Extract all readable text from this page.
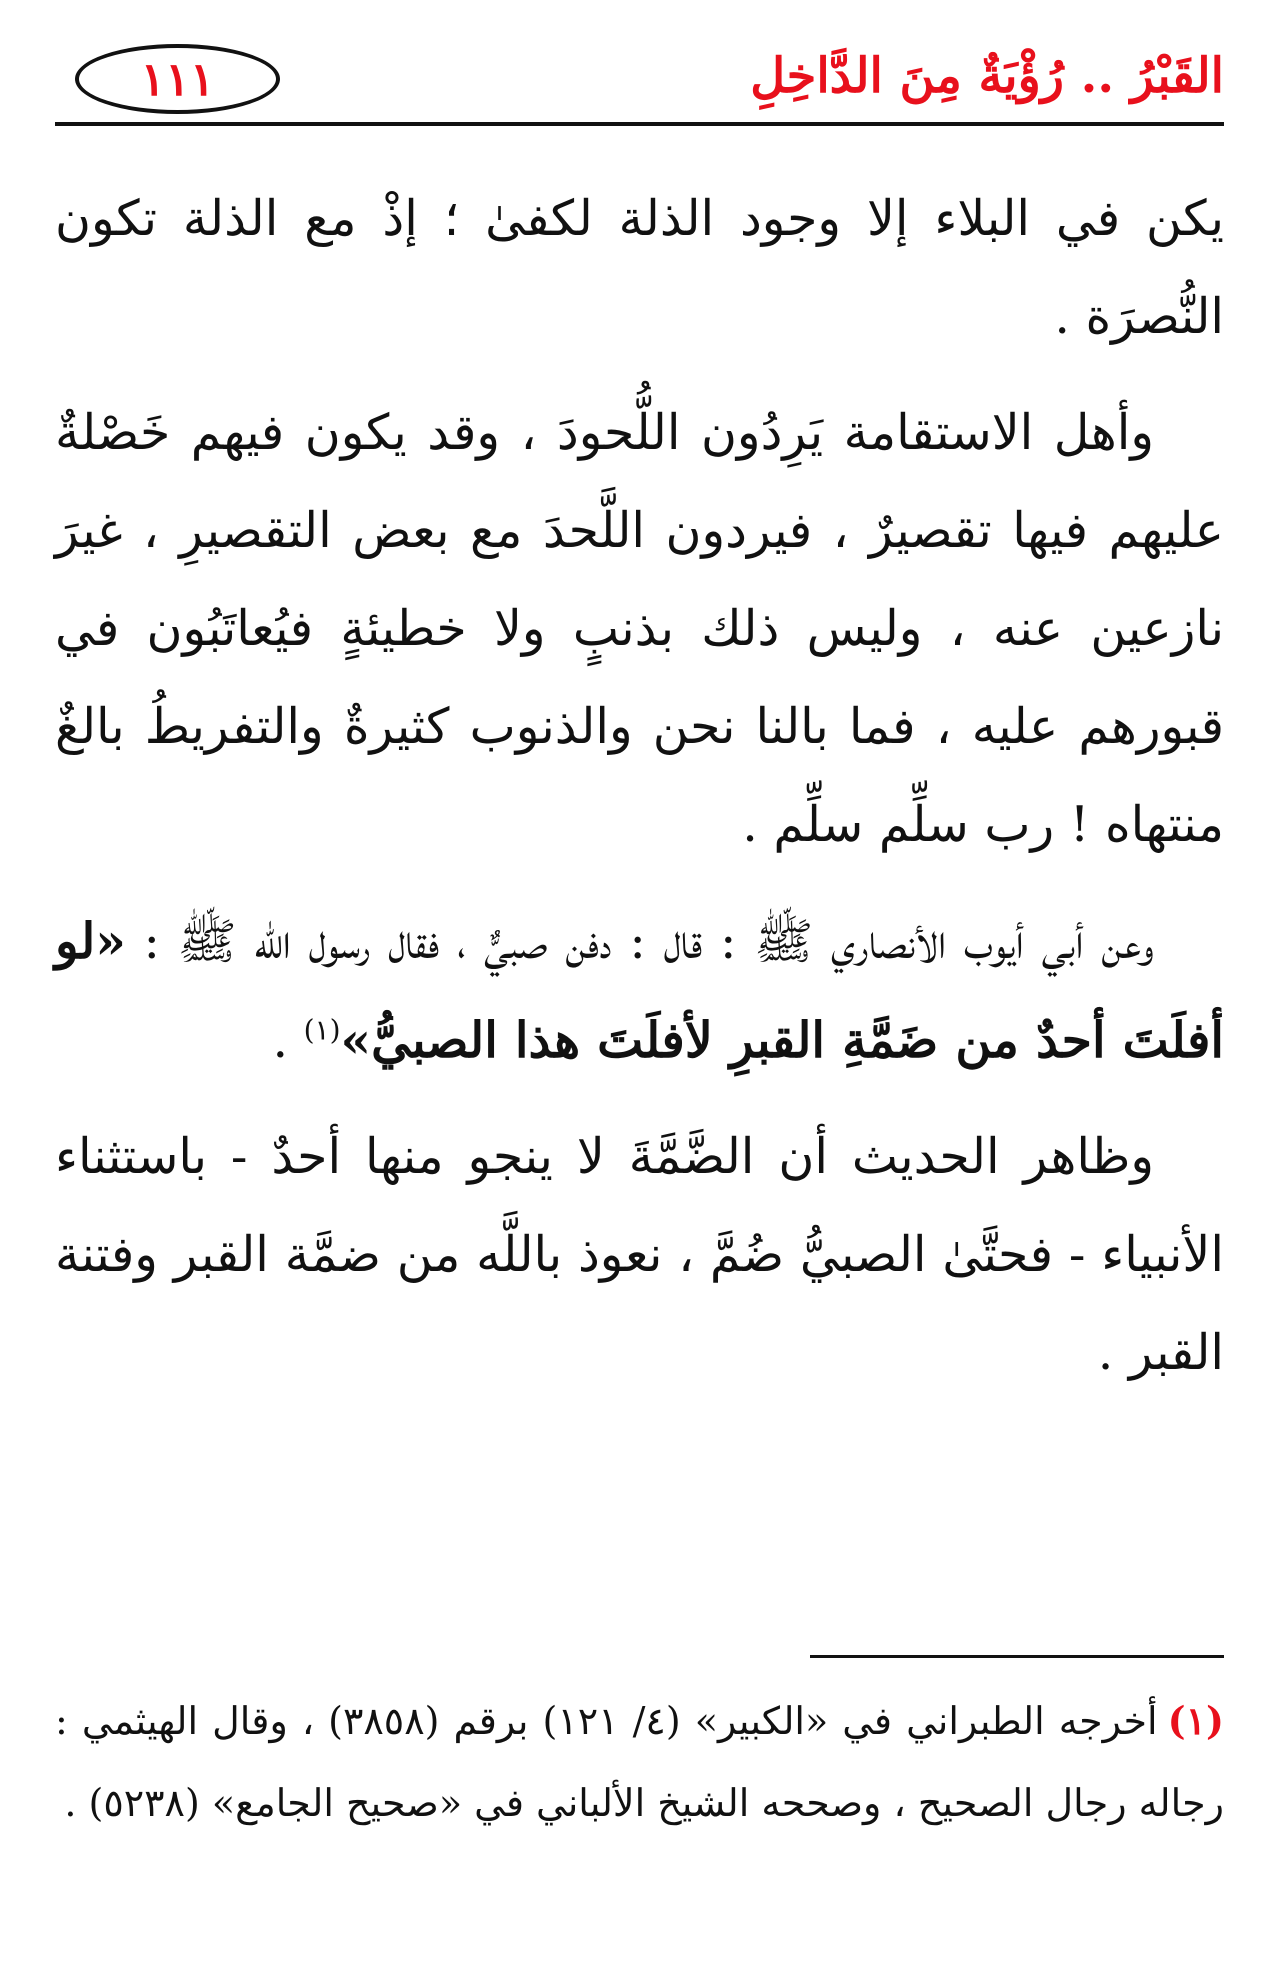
القَبْرُ .. رُؤْيَةٌ مِنَ الدَّاخِلِ
١١١

يكن في البلاء إلا وجود الذلة لكفىٰ ؛ إذْ مع الذلة تكون النُّصرَة .

وأهل الاستقامة يَرِدُون اللُّحودَ ، وقد يكون فيهم خَصْلةٌ عليهم فيها تقصيرٌ ، فيردون اللَّحدَ مع بعض التقصيرِ ، غيرَ نازعين عنه ، وليس ذلك بذنبٍ ولا خطيئةٍ فيُعاتَبُون في قبورهم عليه ، فما بالنا نحن والذنوب كثيرةٌ والتفريطُ بالغٌ منتهاه ! رب سلِّم سلِّم .

وعن أبي أيوب الأنصاري ﷺ : قال : دفن صبيٌّ ، فقال رسول الله ﷺ : «لو أفلَتَ أحدٌ من ضَمَّةِ القبرِ لأفلَتَ هذا الصبيُّ»$^{(١)}$ .

وظاهر الحديث أن الضَّمَّةَ لا ينجو منها أحدٌ - باستثناء الأنبياء - فحتَّىٰ الصبيُّ ضُمَّ ، نعوذ باللَّه من ضمَّة القبر وفتنة القبر .

(١)أخرجه الطبراني في «الكبير» (٤/ ١٢١) برقم (٣٨٥٨) ، وقال الهيثمي : رجاله رجال الصحيح ، وصححه الشيخ الألباني في «صحيح الجامع» (٥٢٣٨) .
